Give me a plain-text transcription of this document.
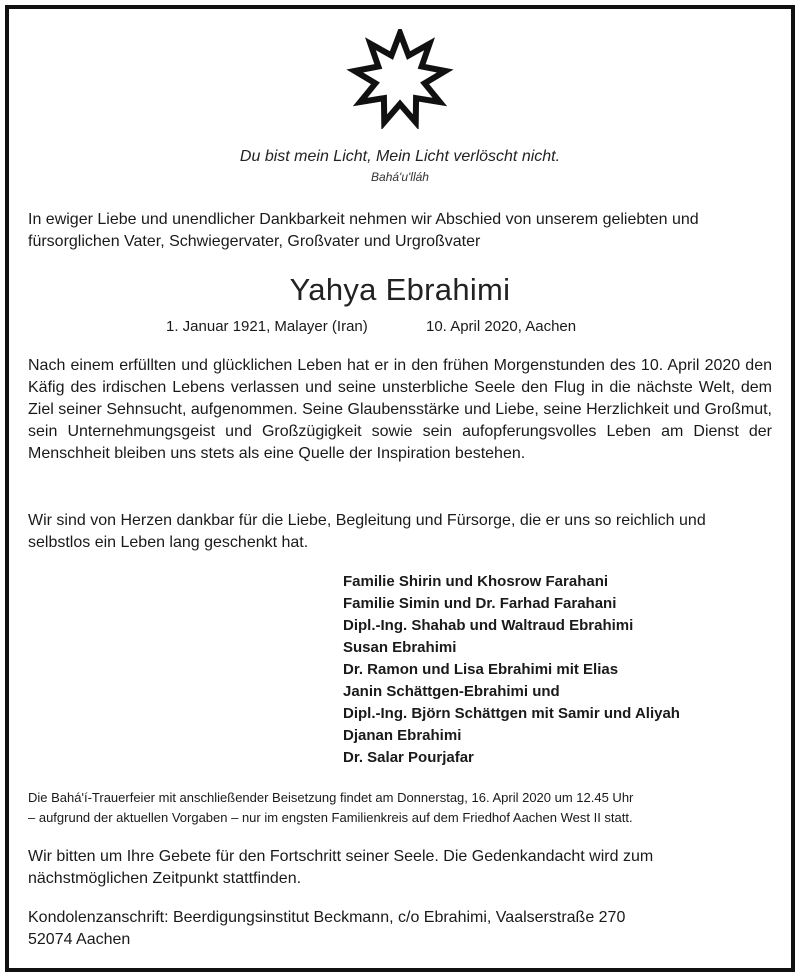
Du bist mein Licht, Mein Licht verlöscht nicht.
Bahá'u'lláh
In ewiger Liebe und unendlicher Dankbarkeit nehmen wir Abschied von unserem geliebten und fürsorglichen Vater, Schwiegervater, Großvater und Urgroßvater
Yahya Ebrahimi
1. Januar 1921, Malayer (Iran)	10. April 2020, Aachen
Nach einem erfüllten und glücklichen Leben hat er in den frühen Morgenstunden des 10. April 2020 den Käfig des irdischen Lebens verlassen und seine unsterbliche Seele den Flug in die nächste Welt, dem Ziel seiner Sehnsucht, aufgenommen. Seine Glaubensstärke und Liebe, seine Herzlichkeit und Großmut, sein Unternehmungsgeist und Großzügigkeit sowie sein aufopferungsvolles Leben am Dienst der Menschheit bleiben uns stets als eine Quelle der Inspiration bestehen.
Wir sind von Herzen dankbar für die Liebe, Begleitung und Fürsorge, die er uns so reichlich und selbstlos ein Leben lang geschenkt hat.
Familie Shirin und Khosrow Farahani
Familie Simin und Dr. Farhad Farahani
Dipl.-Ing. Shahab und Waltraud Ebrahimi
Susan Ebrahimi
Dr. Ramon und Lisa Ebrahimi mit Elias
Janin Schättgen-Ebrahimi und
Dipl.-Ing. Björn Schättgen mit Samir und Aliyah
Djanan Ebrahimi
Dr. Salar Pourjafar
Die Bahá'í-Trauerfeier mit anschließender Beisetzung findet am Donnerstag, 16. April 2020 um 12.45 Uhr
– aufgrund der aktuellen Vorgaben – nur im engsten Familienkreis auf dem Friedhof Aachen West II statt.
Wir bitten um Ihre Gebete für den Fortschritt seiner Seele. Die Gedenkandacht wird zum
nächstmöglichen Zeitpunkt stattfinden.
Kondolenzanschrift: Beerdigungsinstitut Beckmann, c/o Ebrahimi, Vaalserstraße 270
52074 Aachen
